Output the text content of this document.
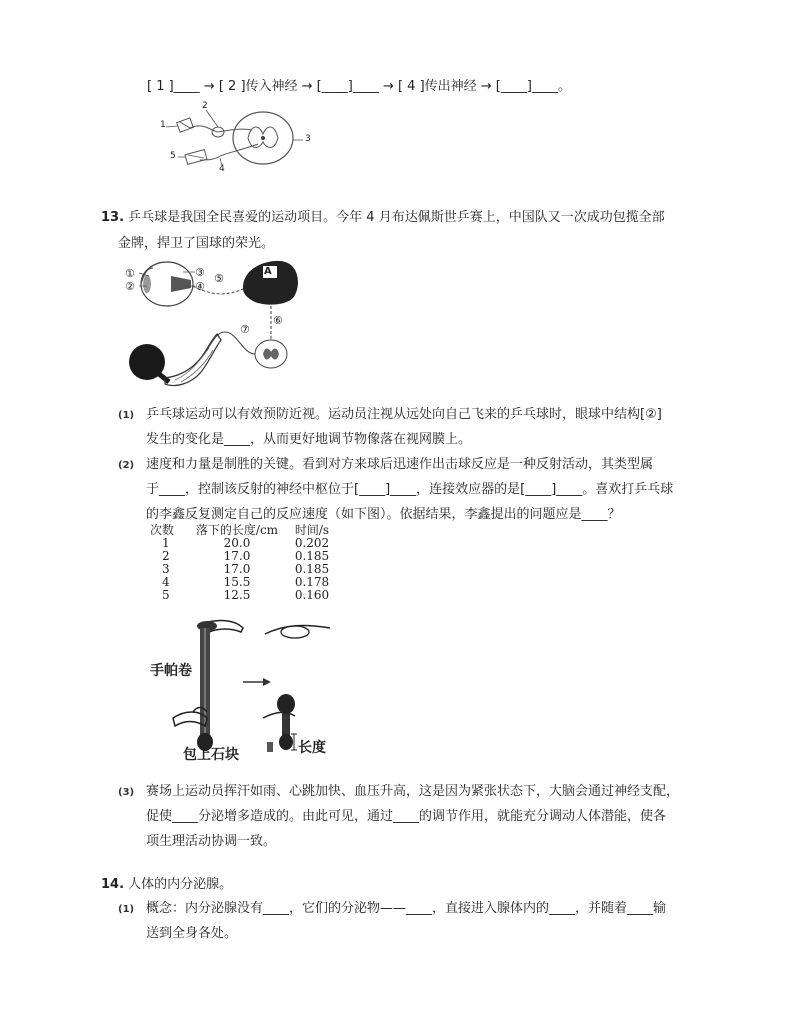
[ 1 ]____ → [ 2 ]传入神经 → [____]____ → [ 4 ]传出神经 → [____]____。
1
2
3
4
5
13. 乒乓球是我国全民喜爱的运动项目。今年 4 月布达佩斯世乒赛上，中国队又一次成功包揽全部
金牌，捍卫了国球的荣光。
①
②
③
④
⑤
⑥
⑦
A
(1) 乒乓球运动可以有效预防近视。运动员注视从远处向自己飞来的乒乓球时，眼球中结构[②]
发生的变化是____，从而更好地调节物像落在视网膜上。
(2) 速度和力量是制胜的关键。看到对方来球后迅速作出击球反应是一种反射活动，其类型属
于____，控制该反射的神经中枢位于[____]____，连接效应器的是[____]____。喜欢打乒乓球
的李鑫反复测定自己的反应速度（如下图）。依据结果，李鑫提出的问题应是____？
次数	落下的长度/cm	时间/s
1	20.0	0.202
2	17.0	0.185
3	17.0	0.185
4	15.5	0.178
5	12.5	0.160
手帕卷
包上石块	长度
(3) 赛场上运动员挥汗如雨、心跳加快、血压升高，这是因为紧张状态下，大脑会通过神经支配，
促使____分泌增多造成的。由此可见，通过____的调节作用，就能充分调动人体潜能，使各
项生理活动协调一致。
14. 人体的内分泌腺。
(1) 概念：内分泌腺没有____，它们的分泌物——____，直接进入腺体内的____，并随着____输
送到全身各处。
